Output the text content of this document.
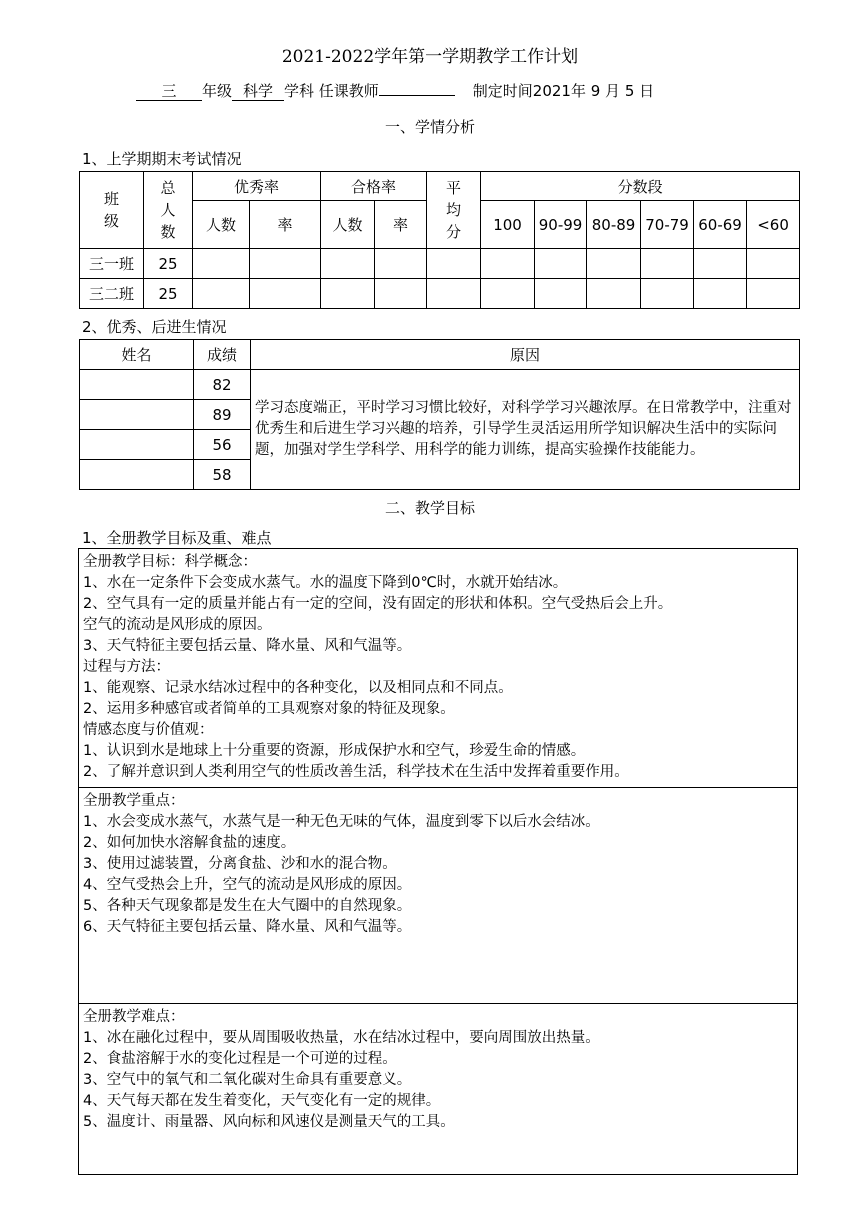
2021-2022学年第一学期教学工作计划
三 年级 科学 学科 任课教师	制定时间2021年 9 月 5 日
一、学情分析
1、上学期期末考试情况
班级	总人数	优秀率		合格率		平均分	分数段					
		人数	率	人数	率		100	90-99	80-89	70-79	60-69	<60
三一班	25											
三二班	25											
2、优秀、后进生情况
姓名	成绩	原因
	82	学习态度端正，平时学习习惯比较好，对科学学习兴趣浓厚。在日常教学中，注重对优秀生和后进生学习兴趣的培养，引导学生灵活运用所学知识解决生活中的实际问题，加强对学生学科学、用科学的能力训练，提高实验操作技能能力。
	89	
	56	
	58	
二、教学目标
1、全册教学目标及重、难点
全册教学目标：科学概念：
1、水在一定条件下会变成水蒸气。水的温度下降到0℃时，水就开始结冰。
2、空气具有一定的质量并能占有一定的空间，没有固定的形状和体积。空气受热后会上升。
空气的流动是风形成的原因。
3、天气特征主要包括云量、降水量、风和气温等。
过程与方法：
1、能观察、记录水结冰过程中的各种变化，以及相同点和不同点。
2、运用多种感官或者简单的工具观察对象的特征及现象。
情感态度与价值观：
1、认识到水是地球上十分重要的资源，形成保护水和空气，珍爱生命的情感。
2、了解并意识到人类利用空气的性质改善生活，科学技术在生活中发挥着重要作用。
全册教学重点：
1、水会变成水蒸气，水蒸气是一种无色无味的气体，温度到零下以后水会结冰。
2、如何加快水溶解食盐的速度。
3、使用过滤装置，分离食盐、沙和水的混合物。
4、空气受热会上升，空气的流动是风形成的原因。
5、各种天气现象都是发生在大气圈中的自然现象。
6、天气特征主要包括云量、降水量、风和气温等。
全册教学难点：
1、冰在融化过程中，要从周围吸收热量，水在结冰过程中，要向周围放出热量。
2、食盐溶解于水的变化过程是一个可逆的过程。
3、空气中的氧气和二氧化碳对生命具有重要意义。
4、天气每天都在发生着变化，天气变化有一定的规律。
5、温度计、雨量器、风向标和风速仪是测量天气的工具。
